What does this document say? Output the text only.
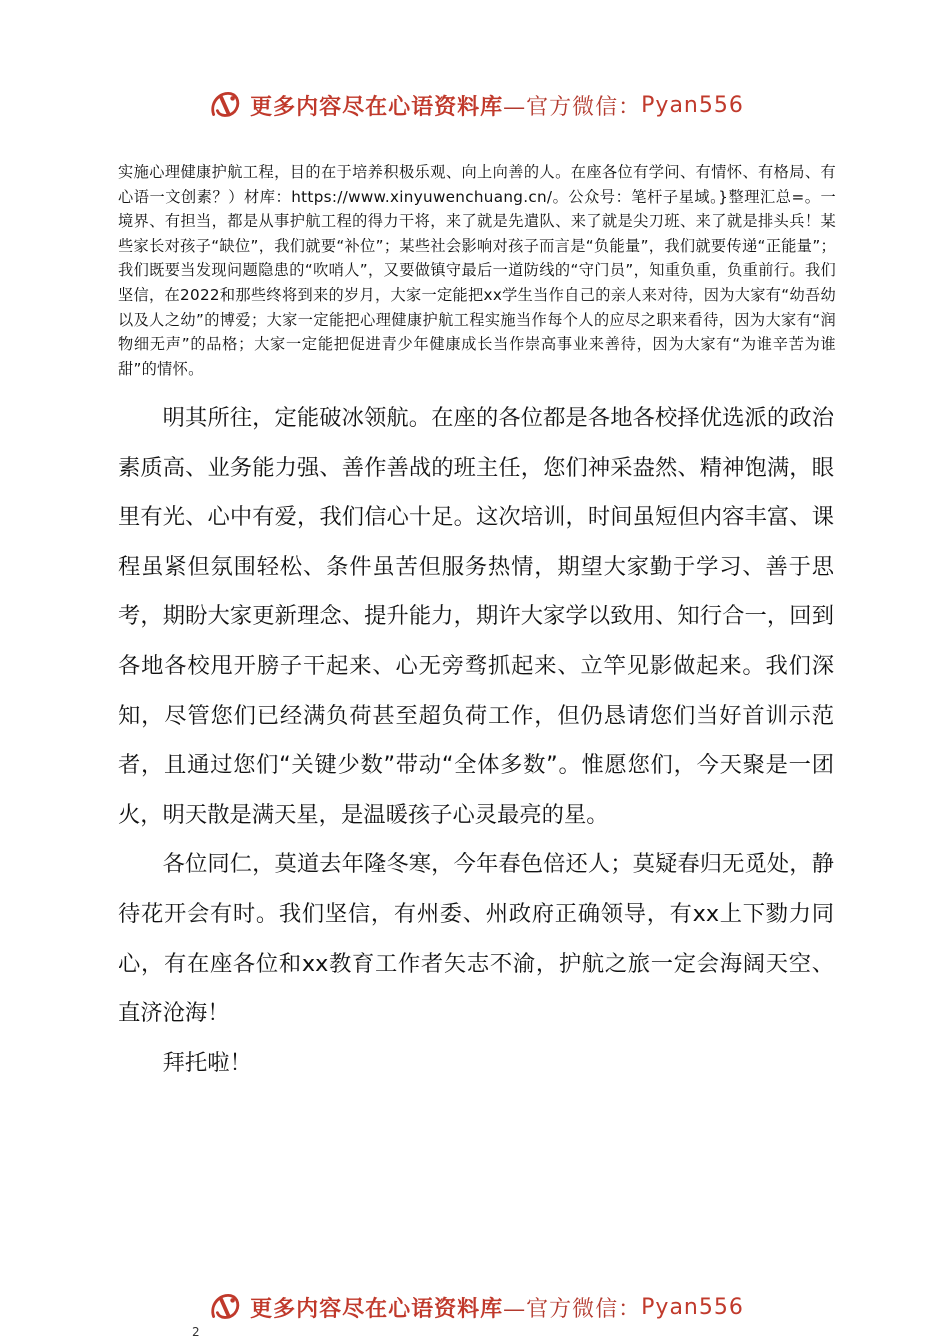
更多内容尽在心语资料库 —官方微信： Pyan556
实施心理健康护航工程，目的在于培养积极乐观、向上向善的人。在座各位有学问、有情怀、有格局、有心语一文创素？）材库：https://www.xinyuwenchuang.cn/。公众号：笔杆子星域。}整理汇总=。一境界、有担当，都是从事护航工程的得力干将，来了就是先遣队、来了就是尖刀班、来了就是排头兵！某些家长对孩子“缺位”，我们就要“补位”；某些社会影响对孩子而言是“负能量”，我们就要传递“正能量”；我们既要当发现问题隐患的“吹哨人”，又要做镇守最后一道防线的“守门员”，知重负重，负重前行。我们坚信，在2022和那些终将到来的岁月，大家一定能把xx学生当作自己的亲人来对待，因为大家有“幼吾幼以及人之幼”的博爱；大家一定能把心理健康护航工程实施当作每个人的应尽之职来看待，因为大家有“润物细无声”的品格；大家一定能把促进青少年健康成长当作崇高事业来善待，因为大家有“为谁辛苦为谁甜”的情怀。

明其所往，定能破冰领航。在座的各位都是各地各校择优选派的政治素质高、业务能力强、善作善战的班主任，您们神采盎然、精神饱满，眼里有光、心中有爱，我们信心十足。这次培训，时间虽短但内容丰富、课程虽紧但氛围轻松、条件虽苦但服务热情，期望大家勤于学习、善于思考，期盼大家更新理念、提升能力，期许大家学以致用、知行合一，回到各地各校甩开膀子干起来、心无旁骛抓起来、立竿见影做起来。我们深知，尽管您们已经满负荷甚至超负荷工作，但仍恳请您们当好首训示范者，且通过您们“关键少数”带动“全体多数”。惟愿您们，今天聚是一团火，明天散是满天星，是温暖孩子心灵最亮的星。

各位同仁，莫道去年隆冬寒，今年春色倍还人；莫疑春归无觅处，静待花开会有时。我们坚信，有州委、州政府正确领导，有xx上下勠力同心，有在座各位和xx教育工作者矢志不渝，护航之旅一定会海阔天空、直济沧海！

拜托啦！

更多内容尽在心语资料库 —官方微信： Pyan556
2
